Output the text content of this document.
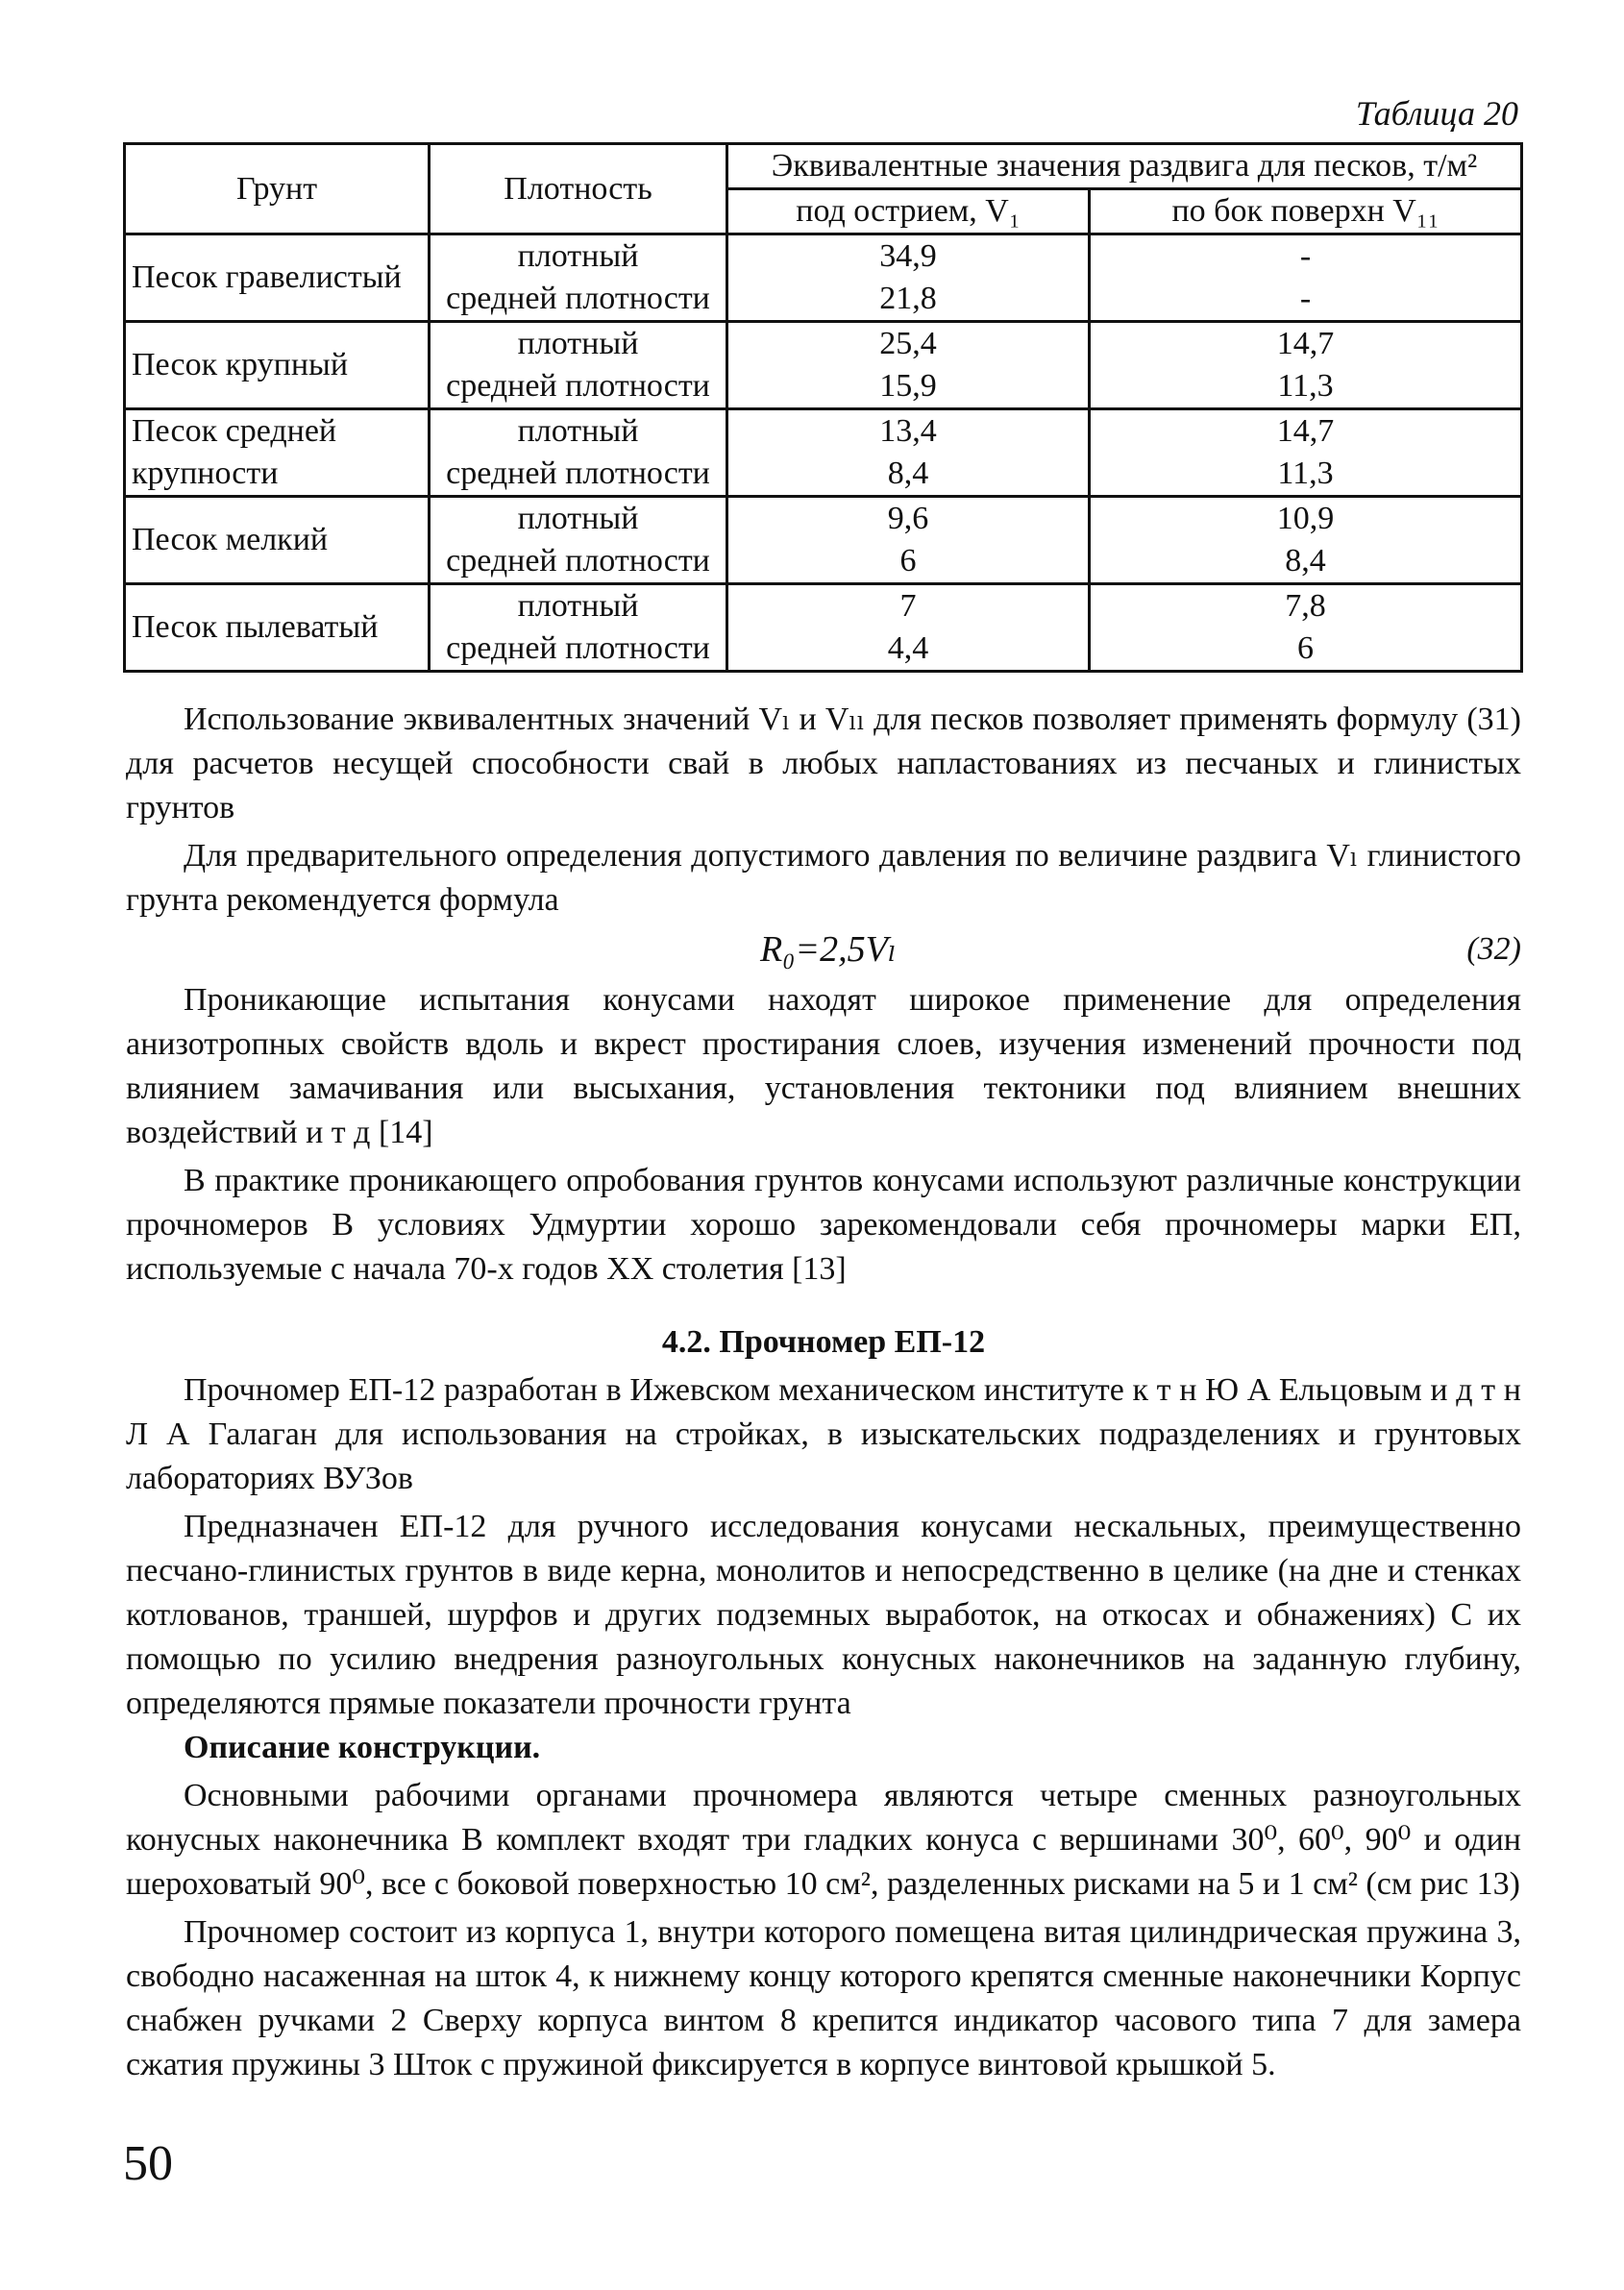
Таблица 20
Грунт	Плотность	Эквивалентные значения раздвига для песков, т/м²	
		под острием, V₁	по бок поверхн V₁₁
Песок гравелистый	плотный	34,9	-
	средней плотности	21,8	-
Песок крупный	плотный	25,4	14,7
	средней плотности	15,9	11,3
Песок средней	плотный	13,4	14,7
крупности	средней плотности	8,4	11,3
Песок мелкий	плотный	9,6	10,9
	средней плотности	6	8,4
Песок пылеватый	плотный	7	7,8
	средней плотности	4,4	6

Использование эквивалентных значений Vₗ и Vₗₗ для песков позволяет применять формулу (31) для расчетов несущей способности свай в любых напластованиях из песчаных и глинистых грунтов

Для предварительного определения допустимого давления по величине раздвига Vₗ глинистого грунта рекомендуется формула

R₀=2,5Vₗ	(32)

Проникающие испытания конусами находят широкое применение для определения анизотропных свойств вдоль и вкрест простирания слоев, изучения изменений прочности под влиянием замачивания или высыхания, установления тектоники под влиянием внешних воздействий и т д [14]

В практике проникающего опробования грунтов конусами используют различные конструкции прочномеров В условиях Удмуртии хорошо зарекомендовали себя прочномеры марки ЕП, используемые с начала 70-х годов XX столетия [13]

4.2. Прочномер ЕП-12

Прочномер ЕП-12 разработан в Ижевском механическом институте к т н Ю А Ельцовым и д т н Л А Галаган для использования на стройках, в изыскательских подразделениях и грунтовых лабораториях ВУЗов

Предназначен ЕП-12 для ручного исследования конусами нескальных, преимущественно песчано-глинистых грунтов в виде керна, монолитов и непосредственно в целике (на дне и стенках котлованов, траншей, шурфов и других подземных выработок, на откосах и обнажениях) С их помощью по усилию внедрения разноугольных конусных наконечников на заданную глубину, определяются прямые показатели прочности грунта

Описание конструкции.

Основными рабочими органами прочномера являются четыре сменных разноугольных конусных наконечника В комплект входят три гладких конуса с вершинами 30⁰, 60⁰, 90⁰ и один шероховатый 90⁰, все с боковой поверхностью 10 см², разделенных рисками на 5 и 1 см² (см рис 13)

Прочномер состоит из корпуса 1, внутри которого помещена витая цилиндрическая пружина 3, свободно насаженная на шток 4, к нижнему концу которого крепятся сменные наконечники Корпус снабжен ручками 2 Сверху корпуса винтом 8 крепится индикатор часового типа 7 для замера сжатия пружины 3 Шток с пружиной фиксируется в корпусе винтовой крышкой 5.

50
